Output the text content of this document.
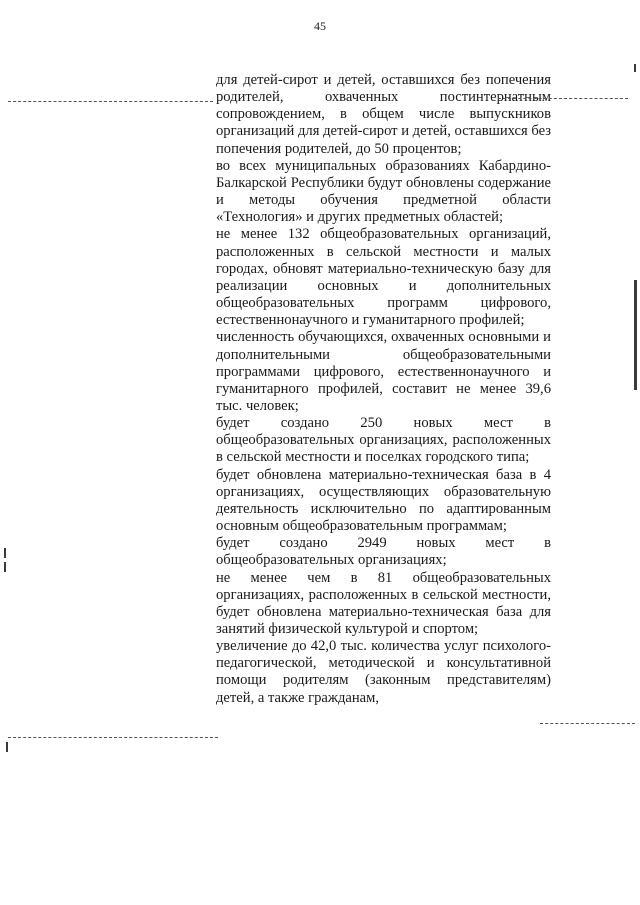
45

для детей-сирот и детей, оставшихся без попечения родителей, охваченных постинтернатным сопровождением, в общем числе выпускников организаций для детей-сирот и детей, оставшихся без попечения родителей, до 50 процентов;

во всех муниципальных образованиях Кабардино-Балкарской Республики будут обновлены содержание и методы обучения предметной области «Технология» и других предметных областей;

не менее 132 общеобразовательных организаций, расположенных в сельской местности и малых городах, обновят материально-техническую базу для реализации основных и дополнительных общеобразовательных программ цифрового, естественнонаучного и гуманитарного профилей;

численность обучающихся, охваченных основными и дополнительными общеобразовательными программами цифрового, естественнонаучного и гуманитарного профилей, составит не менее 39,6 тыс. человек;

будет создано 250 новых мест в общеобразовательных организациях, расположенных в сельской местности и поселках городского типа;

будет обновлена материально-техническая база в 4 организациях, осуществляющих образовательную деятельность исключительно по адаптированным основным общеобразовательным программам;

будет создано 2949 новых мест в общеобразовательных организациях;

не менее чем в 81 общеобразовательных организациях, расположенных в сельской местности, будет обновлена материально-техническая база для занятий физической культурой и спортом;

увеличение до 42,0 тыс. количества услуг психолого-педагогической, методической и консультативной помощи родителям (законным представителям) детей, а также гражданам,
